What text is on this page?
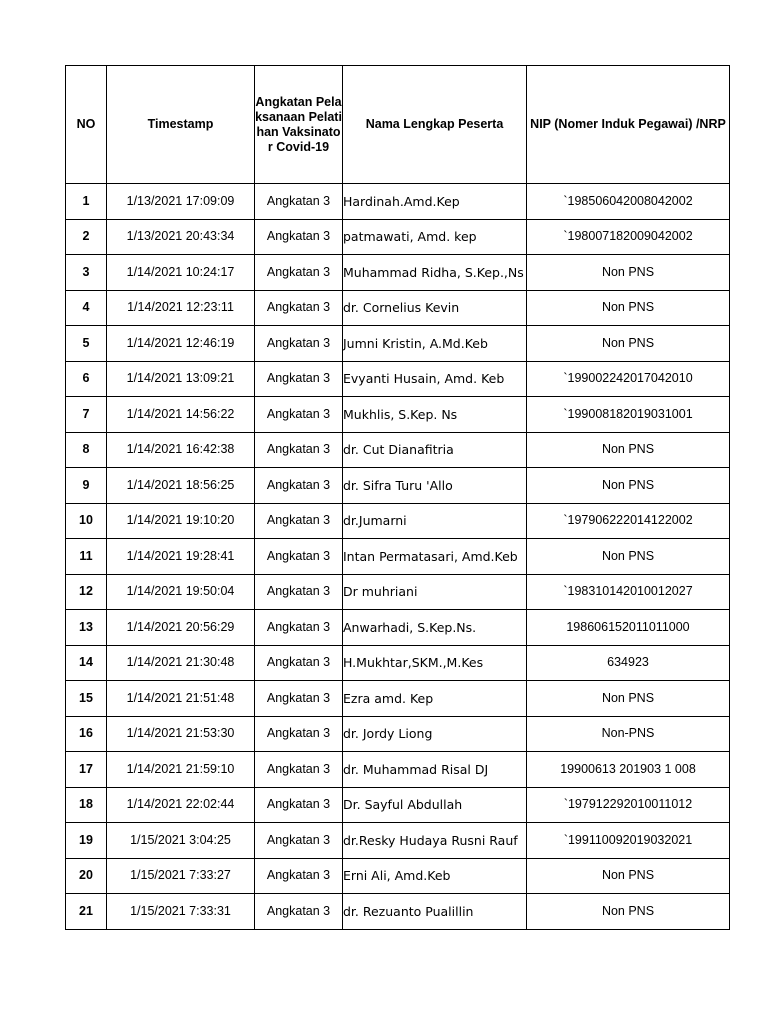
NO	Timestamp	Angkatan Pelaksanaan Pelatihan Vaksinator Covid-19	Nama Lengkap Peserta	NIP (Nomer Induk Pegawai) /NRP
1	1/13/2021 17:09:09	Angkatan 3	Hardinah.Amd.Kep	`198506042008042002
2	1/13/2021 20:43:34	Angkatan 3	patmawati, Amd. kep	`198007182009042002
3	1/14/2021 10:24:17	Angkatan 3	Muhammad Ridha, S.Kep.,Ns	Non PNS
4	1/14/2021 12:23:11	Angkatan 3	dr. Cornelius Kevin	Non PNS
5	1/14/2021 12:46:19	Angkatan 3	Jumni Kristin, A.Md.Keb	Non PNS
6	1/14/2021 13:09:21	Angkatan 3	Evyanti Husain, Amd. Keb	`199002242017042010
7	1/14/2021 14:56:22	Angkatan 3	Mukhlis, S.Kep. Ns	`199008182019031001
8	1/14/2021 16:42:38	Angkatan 3	dr. Cut Dianafitria	Non PNS
9	1/14/2021 18:56:25	Angkatan 3	dr. Sifra Turu 'Allo	Non PNS
10	1/14/2021 19:10:20	Angkatan 3	dr.Jumarni	`197906222014122002
11	1/14/2021 19:28:41	Angkatan 3	Intan Permatasari, Amd.Keb	Non PNS
12	1/14/2021 19:50:04	Angkatan 3	Dr muhriani	`198310142010012027
13	1/14/2021 20:56:29	Angkatan 3	Anwarhadi, S.Kep.Ns.	198606152011011000
14	1/14/2021 21:30:48	Angkatan 3	H.Mukhtar,SKM.,M.Kes	634923
15	1/14/2021 21:51:48	Angkatan 3	Ezra amd. Kep	Non PNS
16	1/14/2021 21:53:30	Angkatan 3	dr. Jordy Liong	Non-PNS
17	1/14/2021 21:59:10	Angkatan 3	dr. Muhammad Risal DJ	19900613 201903 1 008
18	1/14/2021 22:02:44	Angkatan 3	Dr. Sayful Abdullah	`197912292010011012
19	1/15/2021 3:04:25	Angkatan 3	dr.Resky Hudaya Rusni Rauf	`199110092019032021
20	1/15/2021 7:33:27	Angkatan 3	Erni Ali, Amd.Keb	Non PNS
21	1/15/2021 7:33:31	Angkatan 3	dr. Rezuanto Pualillin	Non PNS
